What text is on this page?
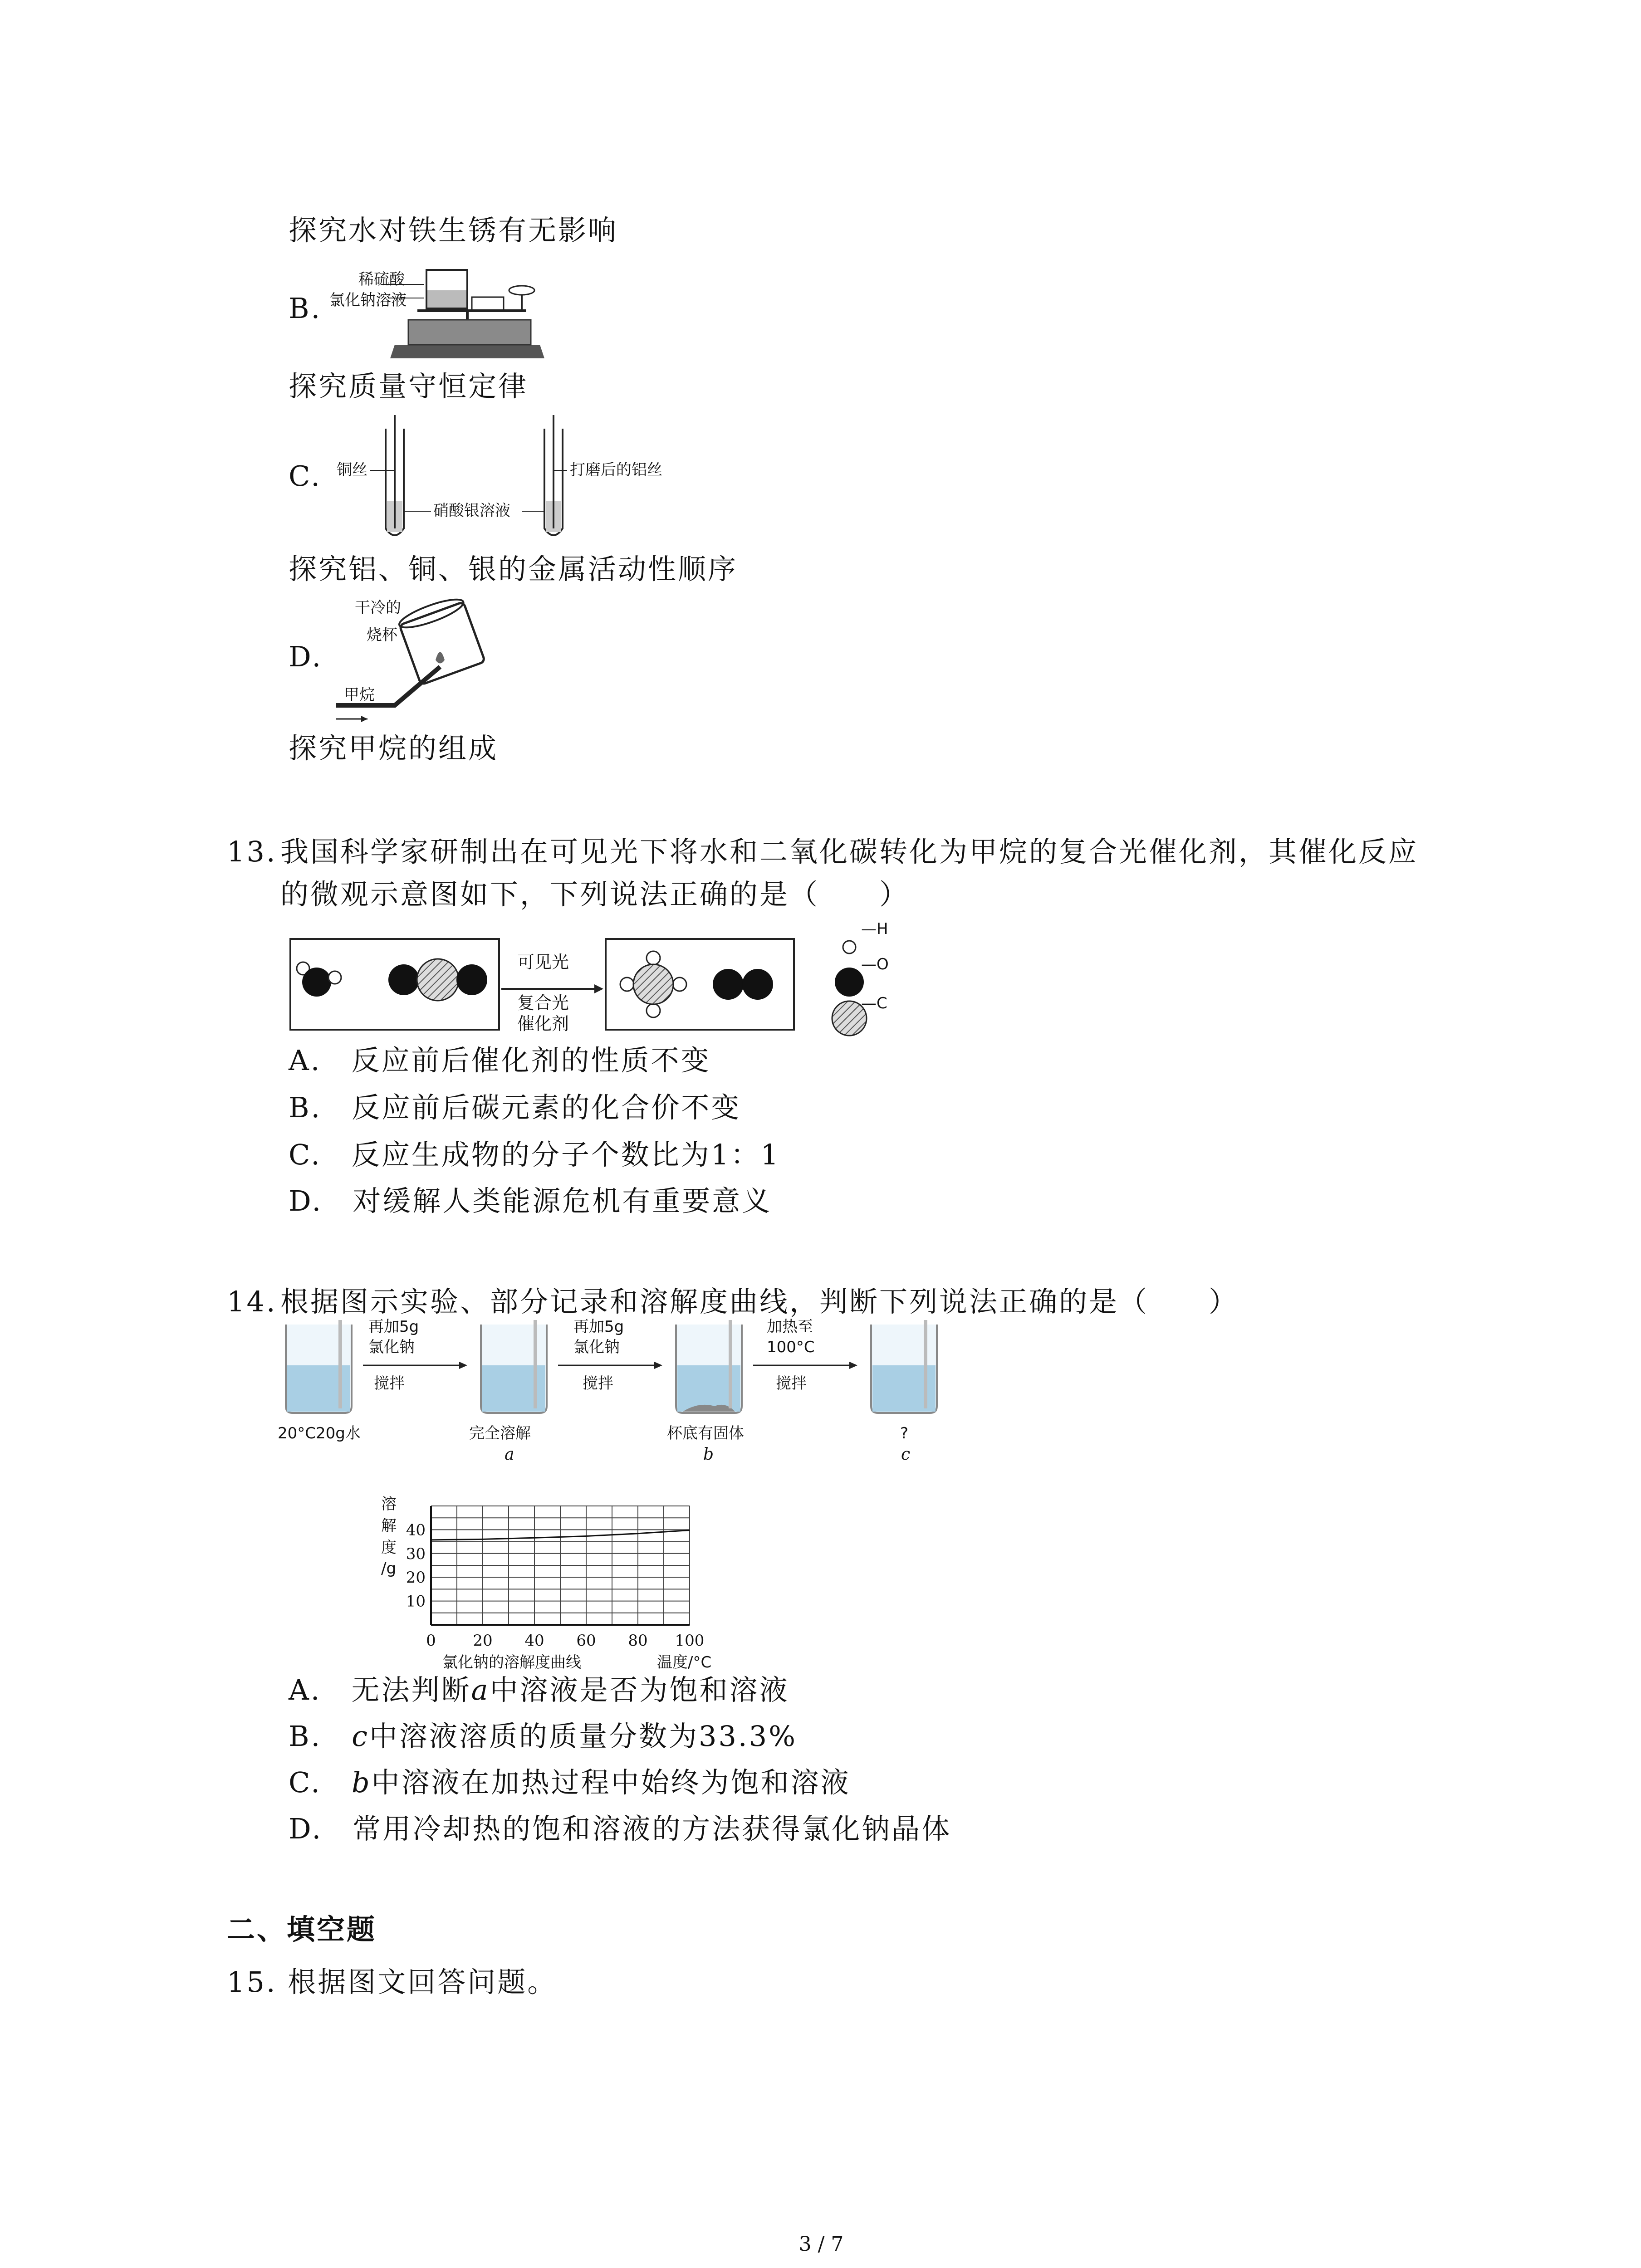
探究水对铁生锈有无影响
B.
稀硫酸
氯化钠溶液
探究质量守恒定律
C. 铜丝
硝酸银溶液
打磨后的铝丝
探究铝、铜、银的金属活动性顺序
D.
干冷的
烧杯
甲烷
探究甲烷的组成
13. 我国科学家研制出在可见光下将水和二氧化碳转化为甲烷的复合光催化剂，其催化反应
的微观示意图如下，下列说法正确的是（　　）
可见光
复合光
催化剂
—H
—O
—C
A.　反应前后催化剂的性质不变
B.　反应前后碳元素的化合价不变
C.　反应生成物的分子个数比为1：1
D.　对缓解人类能源危机有重要意义
14. 根据图示实验、部分记录和溶解度曲线，判断下列说法正确的是（　　）
再加5g
氯化钠
搅拌
再加5g
氯化钠
搅拌
加热至
100°C
搅拌
20°C20g水	完全溶解
a
杯底有固体
b
?
c
溶
解
度
/g
0 20 40 60 80 100
10
20
30
40
氯化钠的溶解度曲线	温度/°C
A.　无法判断a中溶液是否为饱和溶液
B.　c中溶液溶质的质量分数为33.3%
C.　b中溶液在加热过程中始终为饱和溶液
D.　常用冷却热的饱和溶液的方法获得氯化钠晶体
二、填空题
15. 根据图文回答问题。
3 / 7
